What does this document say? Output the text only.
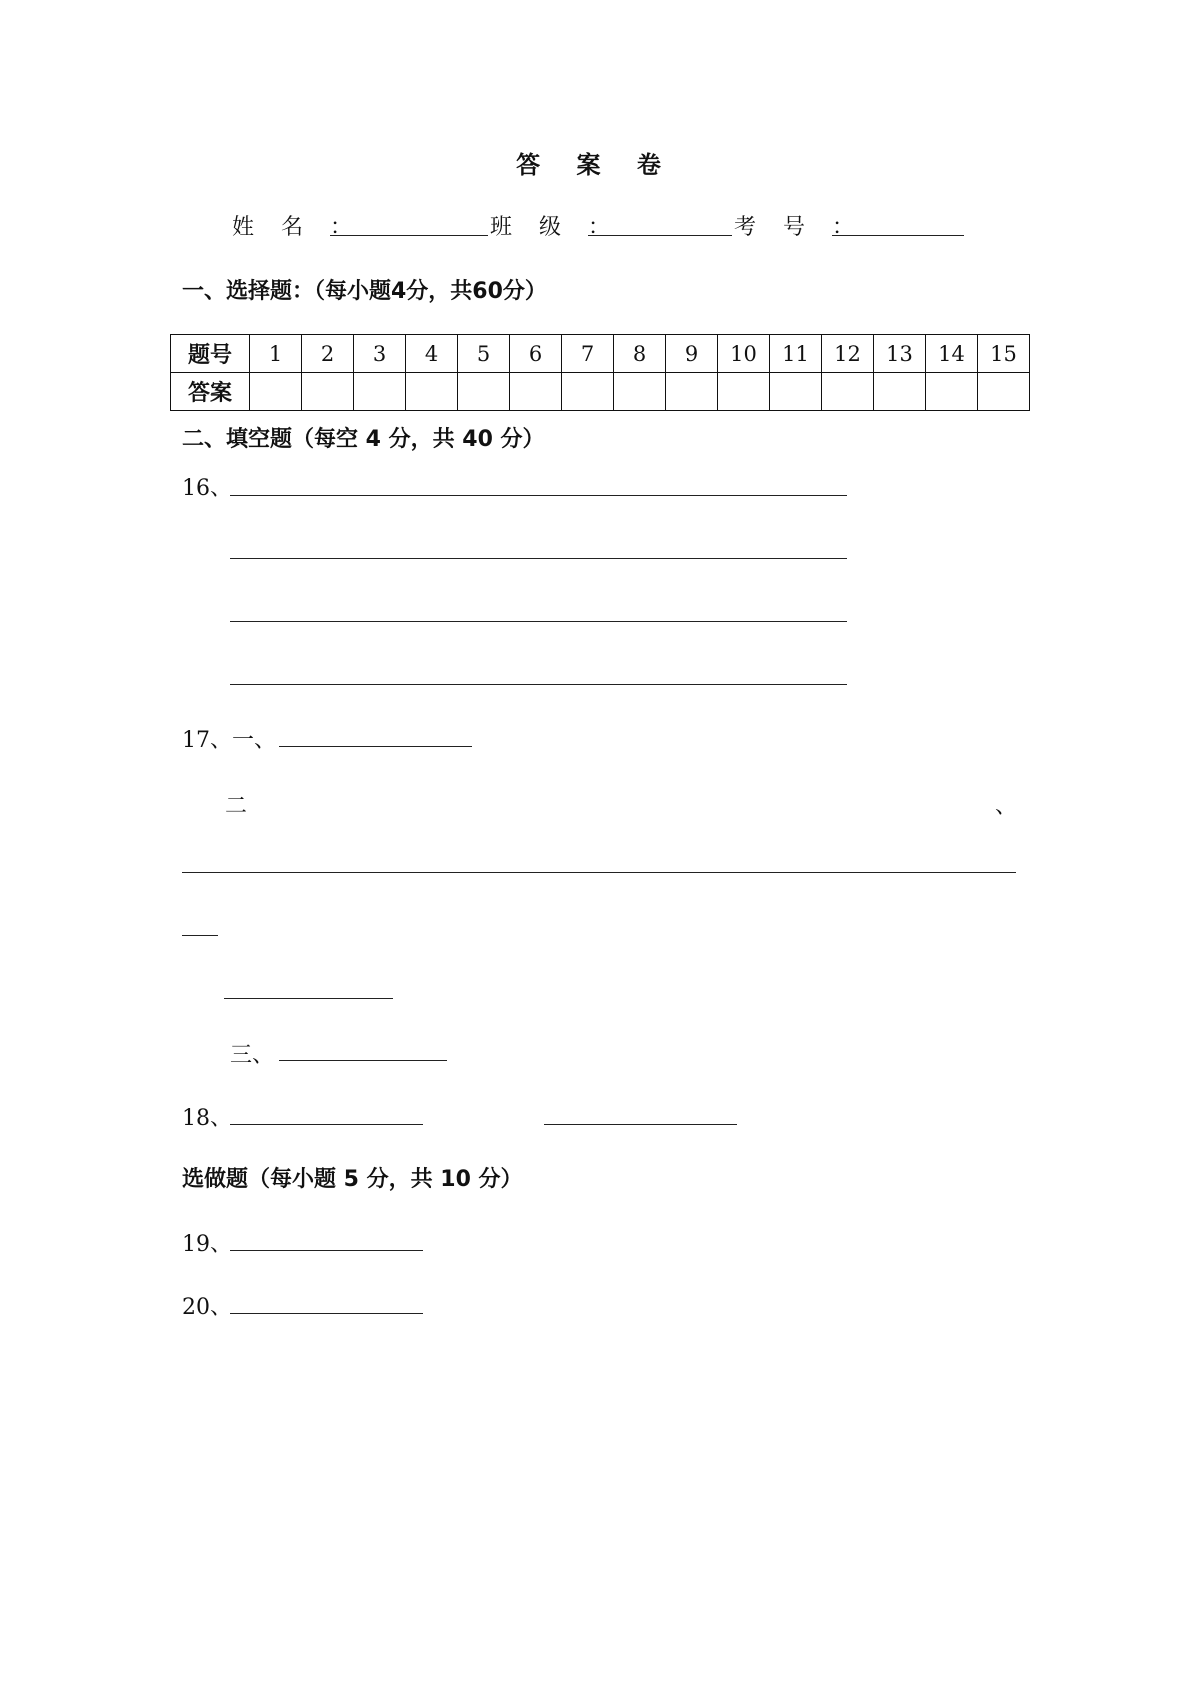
答 案 卷
姓 名 ：	班 级 ：	考 号 ：
一、选择题：（每小题4分，共60分）
题号	1	2	3	4	5	6	7	8	9	10	11	12	13	14	15
答案															
二、填空题（每空 4 分，共 40 分）
16、
17、一、
二	、
三、
18、
选做题（每小题 5 分，共 10 分）
19、
20、
